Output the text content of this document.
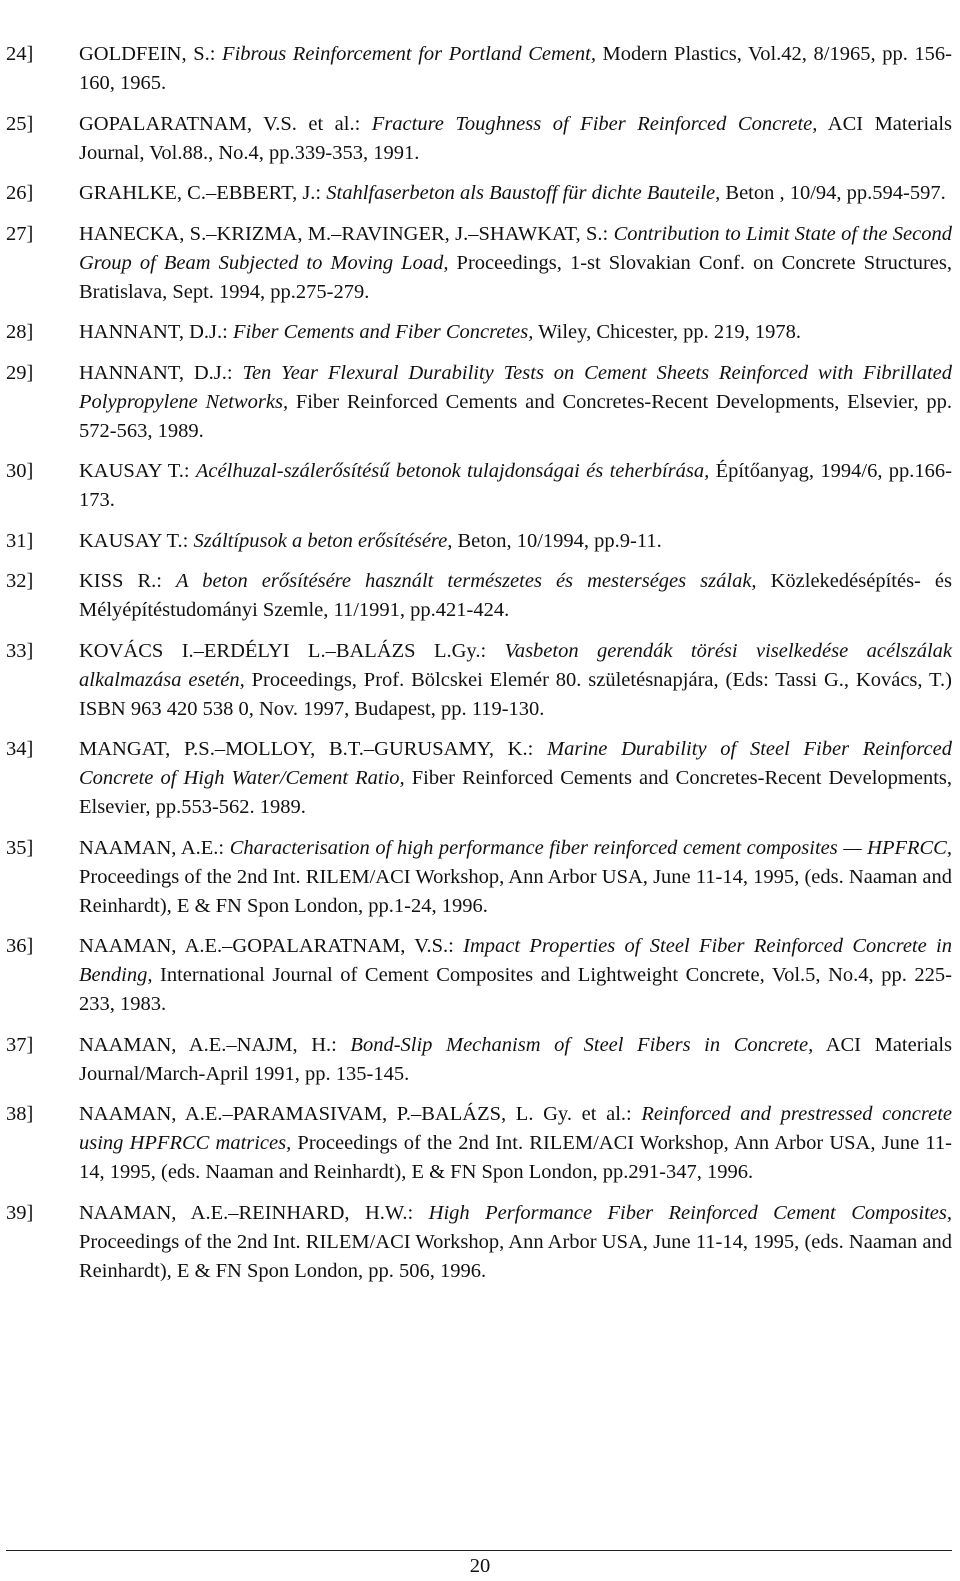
24]	GOLDFEIN, S.: Fibrous Reinforcement for Portland Cement, Modern Plastics, Vol.42, 8/1965, pp. 156-160, 1965.
25]	GOPALARATNAM, V.S. et al.: Fracture Toughness of Fiber Reinforced Concrete, ACI Materials Journal, Vol.88., No.4, pp.339-353, 1991.
26]	GRAHLKE, C.–EBBERT, J.: Stahlfaserbeton als Baustoff für dichte Bauteile, Beton , 10/94, pp.594-597.
27]	HANECKA, S.–KRIZMA, M.–RAVINGER, J.–SHAWKAT, S.: Contribution to Limit State of the Second Group of Beam Subjected to Moving Load, Proceedings, 1-st Slovakian Conf. on Concrete Structures, Bratislava, Sept. 1994, pp.275-279.
28]	HANNANT, D.J.: Fiber Cements and Fiber Concretes, Wiley, Chicester, pp. 219, 1978.
29]	HANNANT, D.J.: Ten Year Flexural Durability Tests on Cement Sheets Reinforced with Fibrillated Polypropylene Networks, Fiber Reinforced Cements and Concretes-Recent Developments, Elsevier, pp. 572-563, 1989.
30]	KAUSAY T.: Acélhuzal-szálerősítésű betonok tulajdonságai és teherbírása, Építőanyag, 1994/6, pp.166-173.
31]	KAUSAY T.: Száltípusok a beton erősítésére, Beton, 10/1994, pp.9-11.
32]	KISS R.: A beton erősítésére használt természetes és mesterséges szálak, Közlekedésépítés- és Mélyépítéstudományi Szemle, 11/1991, pp.421-424.
33]	KOVÁCS I.–ERDÉLYI L.–BALÁZS L.Gy.: Vasbeton gerendák törési viselkedése acélszálak alkalmazása esetén, Proceedings, Prof. Bölcskei Elemér 80. születésnapjára, (Eds: Tassi G., Kovács, T.) ISBN 963 420 538 0, Nov. 1997, Budapest, pp. 119-130.
34]	MANGAT, P.S.–MOLLOY, B.T.–GURUSAMY, K.: Marine Durability of Steel Fiber Reinforced Concrete of High Water/Cement Ratio, Fiber Reinforced Cements and Concretes-Recent Developments, Elsevier, pp.553-562. 1989.
35]	NAAMAN, A.E.: Characterisation of high performance fiber reinforced cement composites — HPFRCC, Proceedings of the 2nd Int. RILEM/ACI Workshop, Ann Arbor USA, June 11-14, 1995, (eds. Naaman and Reinhardt), E & FN Spon London, pp.1-24, 1996.
36]	NAAMAN, A.E.–GOPALARATNAM, V.S.: Impact Properties of Steel Fiber Reinforced Concrete in Bending, International Journal of Cement Composites and Lightweight Concrete, Vol.5, No.4, pp. 225-233, 1983.
37]	NAAMAN, A.E.–NAJM, H.: Bond-Slip Mechanism of Steel Fibers in Concrete, ACI Materials Journal/March-April 1991, pp. 135-145.
38]	NAAMAN, A.E.–PARAMASIVAM, P.–BALÁZS, L. Gy. et al.: Reinforced and prestressed concrete using HPFRCC matrices, Proceedings of the 2nd Int. RILEM/ACI Workshop, Ann Arbor USA, June 11-14, 1995, (eds. Naaman and Reinhardt), E & FN Spon London, pp.291-347, 1996.
39]	NAAMAN, A.E.–REINHARD, H.W.: High Performance Fiber Reinforced Cement Composites, Proceedings of the 2nd Int. RILEM/ACI Workshop, Ann Arbor USA, June 11-14, 1995, (eds. Naaman and Reinhardt), E & FN Spon London, pp. 506, 1996.
20
